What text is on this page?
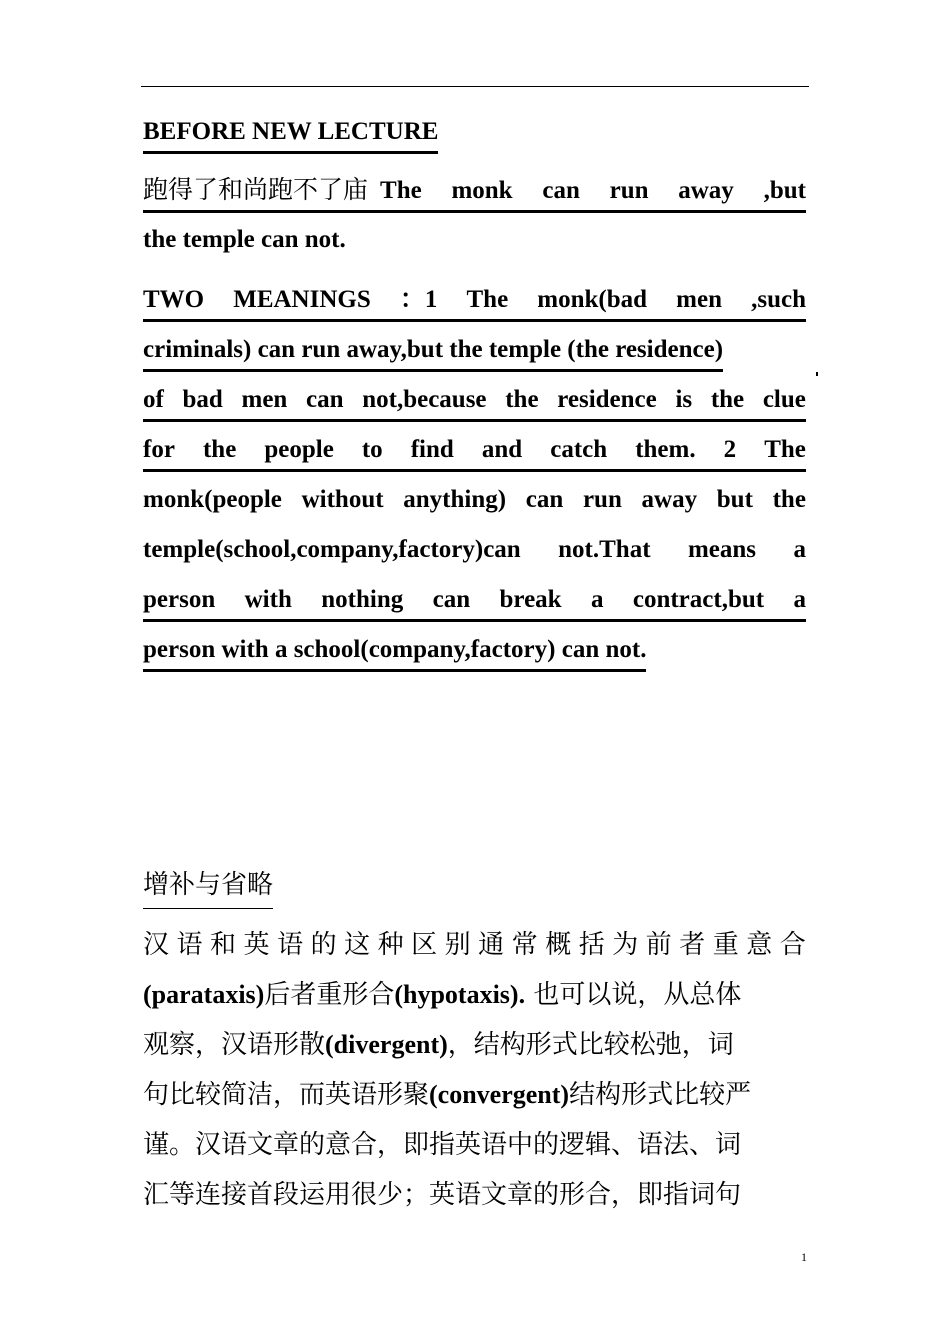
BEFORE NEW LECTURE
跑得了和尚跑不了庙 The monk can run away ,but
the temple can not.
TWO MEANINGS ：1 The monk(bad men ,such
criminals) can run away,but the temple (the residence)
of bad men can not,because the residence is the clue
for the people to find and catch them. 2 The
monk(people without anything) can run away but the
temple(school,company,factory)can not.That means a
person with nothing can break a contract,but a
person with a school(company,factory) can not.
增补与省略
汉 语 和 英 语 的 这 种 区 别 通 常 概 括 为 前 者 重 意 合
(parataxis)后者重形合(hypotaxis). 也可以说，从总体
观察，汉语形散(divergent)，结构形式比较松弛，词
句比较简洁，而英语形聚(convergent)结构形式比较严
谨。汉语文章的意合，即指英语中的逻辑、语法、词
汇等连接首段运用很少；英语文章的形合，即指词句
1
